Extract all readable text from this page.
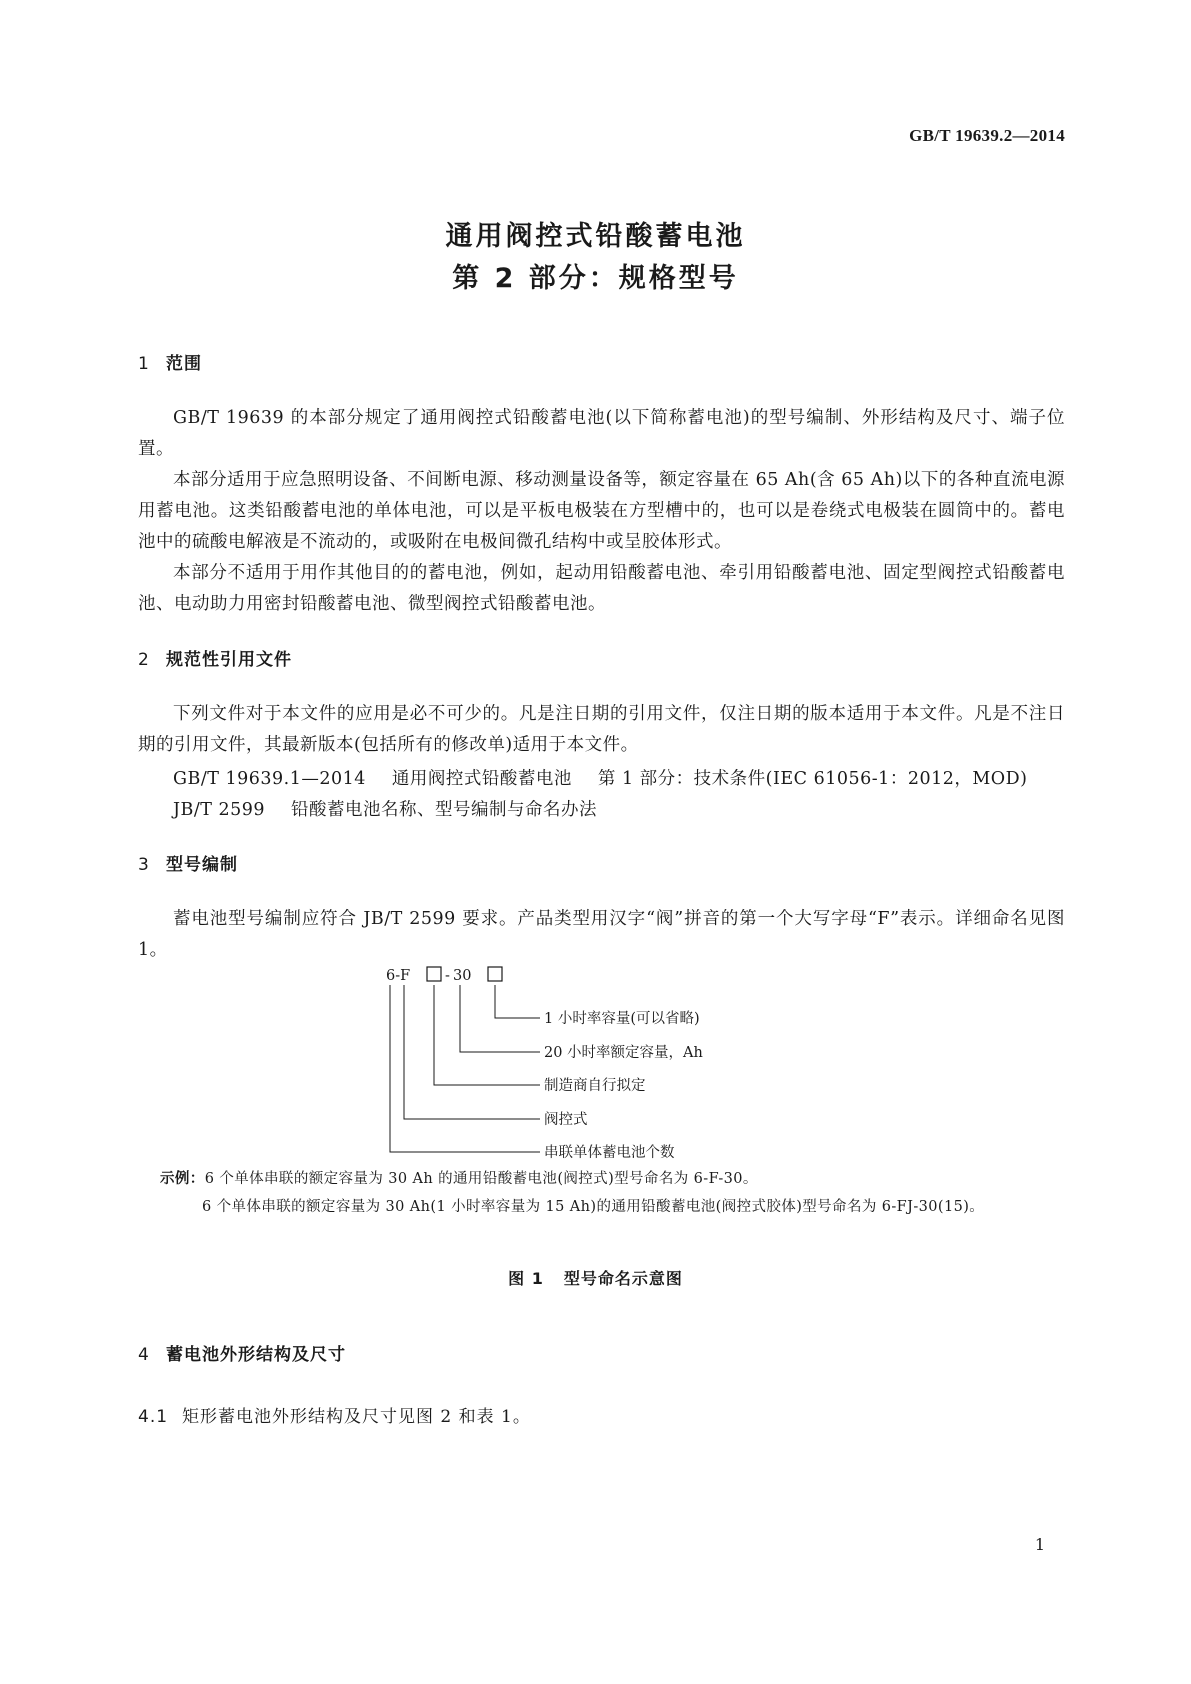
GB/T 19639.2—2014
通用阀控式铅酸蓄电池
第 2 部分：规格型号
1 范围
GB/T 19639 的本部分规定了通用阀控式铅酸蓄电池(以下简称蓄电池)的型号编制、外形结构及尺寸、端子位置。
本部分适用于应急照明设备、不间断电源、移动测量设备等，额定容量在 65 Ah(含 65 Ah)以下的各种直流电源用蓄电池。这类铅酸蓄电池的单体电池，可以是平板电极装在方型槽中的，也可以是卷绕式电极装在圆筒中的。蓄电池中的硫酸电解液是不流动的，或吸附在电极间微孔结构中或呈胶体形式。
本部分不适用于用作其他目的的蓄电池，例如，起动用铅酸蓄电池、牵引用铅酸蓄电池、固定型阀控式铅酸蓄电池、电动助力用密封铅酸蓄电池、微型阀控式铅酸蓄电池。
2 规范性引用文件
下列文件对于本文件的应用是必不可少的。凡是注日期的引用文件，仅注日期的版本适用于本文件。凡是不注日期的引用文件，其最新版本(包括所有的修改单)适用于本文件。
GB/T 19639.1—2014 通用阀控式铅酸蓄电池 第 1 部分：技术条件(IEC 61056-1：2012，MOD)
JB/T 2599 铅酸蓄电池名称、型号编制与命名办法
3 型号编制
蓄电池型号编制应符合 JB/T 2599 要求。产品类型用汉字“阀”拼音的第一个大写字母“F”表示。详细命名见图 1。
6-F - 30
1 小时率容量(可以省略)
20 小时率额定容量，Ah
制造商自行拟定
阀控式
串联单体蓄电池个数
示例：6 个单体串联的额定容量为 30 Ah 的通用铅酸蓄电池(阀控式)型号命名为 6-F-30。
6 个单体串联的额定容量为 30 Ah(1 小时率容量为 15 Ah)的通用铅酸蓄电池(阀控式胶体)型号命名为 6-FJ-30(15)。
图 1 型号命名示意图
4 蓄电池外形结构及尺寸
4.1 矩形蓄电池外形结构及尺寸见图 2 和表 1。
1
